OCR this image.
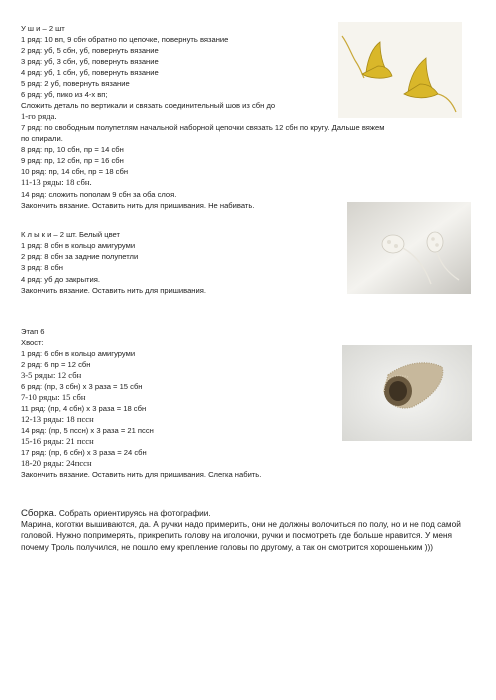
У ш и – 2 шт
1 ряд: 10 вп, 9 сбн обратно по цепочке, повернуть вязание
2 ряд: уб, 5 сбн, уб, повернуть вязание
3 ряд: уб, 3 сбн, уб, повернуть вязание
4 ряд: уб, 1 сбн, уб, повернуть вязание
5 ряд: 2 уб, повернуть вязание
6 ряд: уб, пико из 4-х вп;
Сложить деталь по вертикали и связать соединительный шов из сбн до
1-го ряда.
7 ряд: по свободным полупетлям начальной наборной цепочки связать 12 сбн по кругу. Дальше вяжем
по спирали.
8 ряд: пр, 10 сбн, пр = 14 сбн
9 ряд: пр, 12 сбн, пр = 16 сбн
10 ряд: пр, 14 сбн, пр = 18 сбн
11-13 ряды: 18 сбн.
14 ряд: сложить пополам 9 сбн за оба слоя.
Закончить вязание. Оставить нить для пришивания. Не набивать.
К л ы к и – 2 шт. Белый цвет
1 ряд: 8 сбн в кольцо амигуруми
2 ряд: 8 сбн за задние полупетли
3 ряд: 8 сбн
4 ряд: уб до закрытия.
Закончить вязание. Оставить нить для пришивания.
Этап 6
Хвост:
1 ряд: 6 сбн в кольцо амигуруми
2 ряд: 6 пр = 12 сбн
3-5 ряды: 12 сбн
6 ряд: (пр, 3 сбн) х 3 раза = 15 сбн
7-10 ряды: 15 сбн
11 ряд: (пр, 4 сбн) х 3 раза = 18 сбн
12-13 ряды: 18 пссн
14 ряд: (пр, 5 пссн) х 3 раза = 21 пссн
15-16 ряды: 21 пссн
17 ряд: (пр, 6 сбн) х 3 раза = 24 сбн
18-20 ряды: 24пссн
Закончить вязание. Оставить нить для пришивания. Слегка набить.
Сборка. Собрать ориентируясь на фотографии.
Марина, коготки вышиваются, да. А ручки надо примерить, они не должны волочиться по полу, но и не под самой головой. Нужно попримерять, прикрепить голову на иголочки, ручки и посмотреть где больше нравится. У меня почему Троль получился, не пошло ему крепление головы по другому, а так он смотрится хорошеньким )))
